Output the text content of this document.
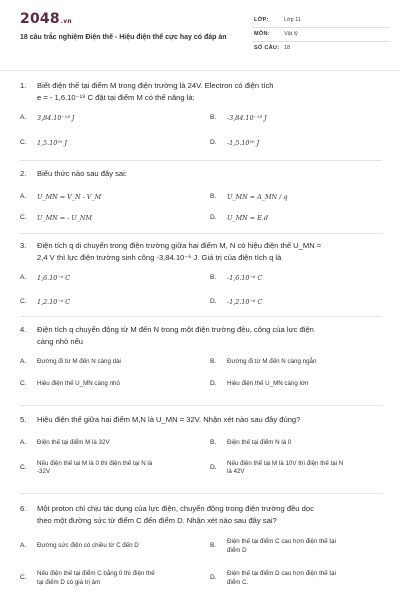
2048.vn
18 câu trắc nghiệm Điện thế - Hiệu điện thế cực hay có đáp án
LỚP:	Lớp 11
MÔN:	Vật lý
SỐ CÂU: 18
1. Biết điện thế tại điểm M trong điện trường là 24V. Electron có điện tích
e = - 1,6.10⁻¹⁹ C đặt tại điểm M có thế năng là:
A.	3,84.10⁻¹⁸ J	B.	-3,84.10⁻¹⁸ J
C.	1,5.10²⁰ J	D.	-1,5.10²⁰ J
2. Biểu thức nào sau đây sai:
A.	U_MN = V_N - V_M	B.	U_MN = A_MN / q
C.	U_MN = - U_NM	D.	U_MN = E.d
3. Điện tích q di chuyển trong điện trường giữa hai điểm M, N có hiệu điện thế U_MN =
2,4 V thì lực điện trường sinh công -3,84.10⁻⁶ J. Giá trị của điện tích q là
A.	1,6.10⁻⁶ C	B.	-1,6.10⁻⁶ C
C.	1,2.10⁻⁶ C	D.	-1,2.10⁻⁶ C
4. Điện tích q chuyển động từ M đến N trong một điện trường đều, công của lực điện
càng nhỏ nếu
A.	Đường đi từ M đến N càng dài	B.	Đường đi từ M đến N càng ngắn
C.	Hiệu điện thế U_MN càng nhỏ	D.	Hiệu điện thế U_MN càng lớn
5. Hiệu điện thế giữa hai điểm M,N là U_MN = 32V. Nhận xét nào sau đây đúng?
A.	Điện thế tại điểm M là 32V	B.	Điện thế tại điểm N là 0
C.
Nếu điện thế tại M là 0 thì điện thế tại N là
-32V
D.
Nếu điện thế tại M là 10V thì điện thế tại N
là 42V
6. Một proton chỉ chịu tác dụng của lực điện, chuyển động trong điện trường đều dọc
theo một đường sức từ điểm C đến điểm D. Nhận xét nào sau đây sai?
A.	Đường sức điện có chiều từ C đến D	B.
Điện thế tại điểm C cao hơn điện thế tại
điểm D
C.
Nếu điện thế tại điểm C bằng 0 thì điện thế
tại điểm D có giá trị âm
D.
Điện thế tại điểm D cao hơn điện thế tại
điểm C.
